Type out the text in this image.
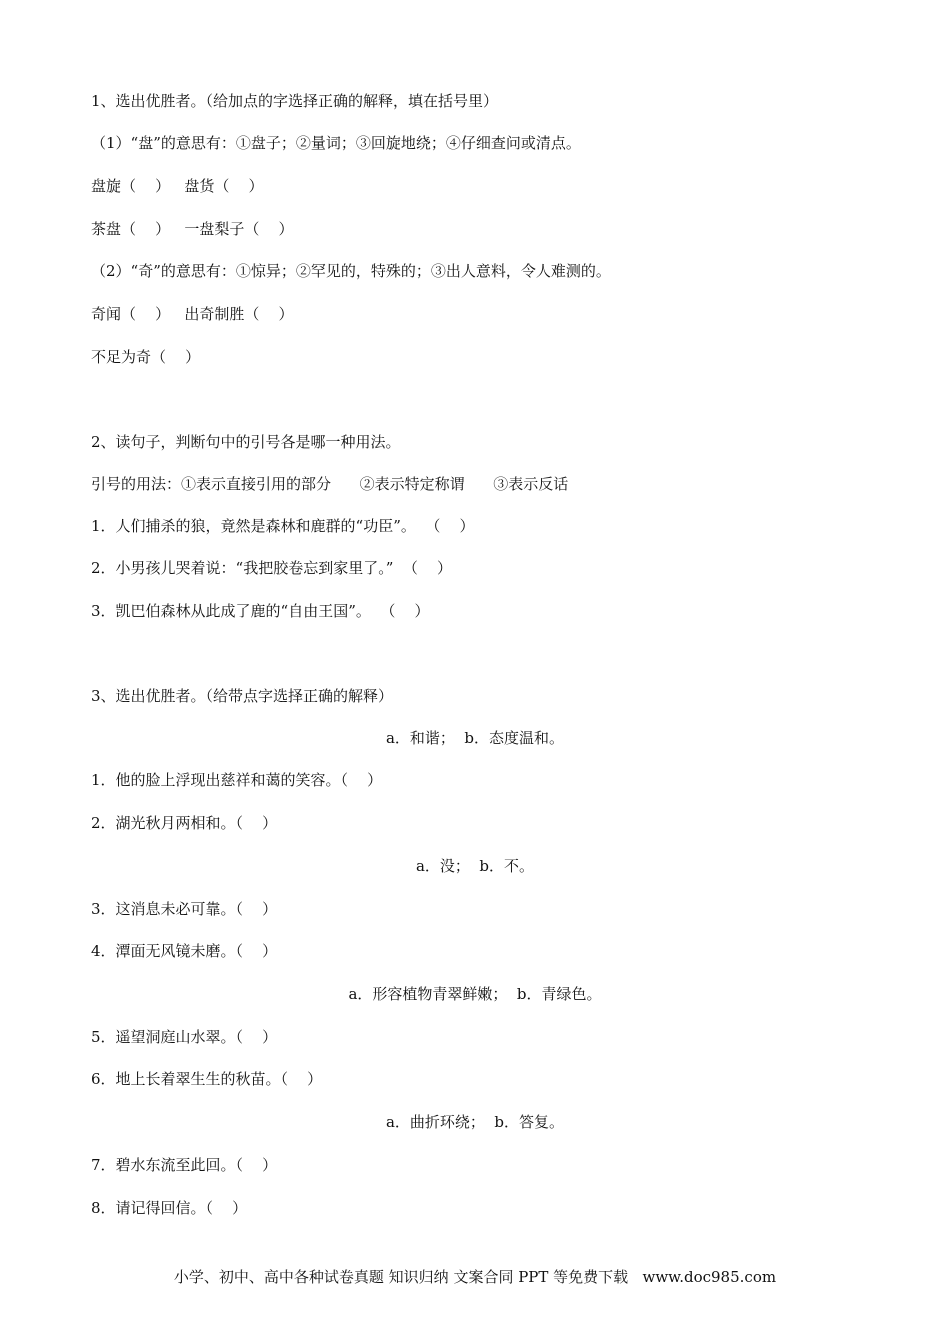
1、选出优胜者。（给加点的字选择正确的解释，填在括号里）
（1）“盘”的意思有：①盘子；②量词；③回旋地绕；④仔细查问或清点。
盘旋（    ）   盘货（    ）
茶盘（    ）   一盘梨子（    ）
（2）“奇”的意思有：①惊异；②罕见的，特殊的；③出人意料，令人难测的。
奇闻（    ）   出奇制胜（    ）
不足为奇（    ）
2、读句子，判断句中的引号各是哪一种用法。
引号的用法：①表示直接引用的部分      ②表示特定称谓      ③表示反话
1．人们捕杀的狼，竟然是森林和鹿群的“功臣”。  （    ）
2．小男孩儿哭着说：“我把胶卷忘到家里了。”  （    ）
3．凯巴伯森林从此成了鹿的“自由王国”。  （    ）
3、选出优胜者。（给带点字选择正确的解释）
a．和谐；  b．态度温和。
1．他的脸上浮现出慈祥和蔼的笑容。（    ）
2．湖光秋月两相和。（    ）
a．没；  b．不。
3．这消息未必可靠。（    ）
4．潭面无风镜未磨。（    ）
a．形容植物青翠鲜嫩；  b．青绿色。
5．遥望洞庭山水翠。（    ）
6．地上长着翠生生的秋苗。（    ）
a．曲折环绕；  b．答复。
7．碧水东流至此回。（    ）
8．请记得回信。（    ）
小学、初中、高中各种试卷真题 知识归纳 文案合同 PPT 等免费下载   www.doc985.com
